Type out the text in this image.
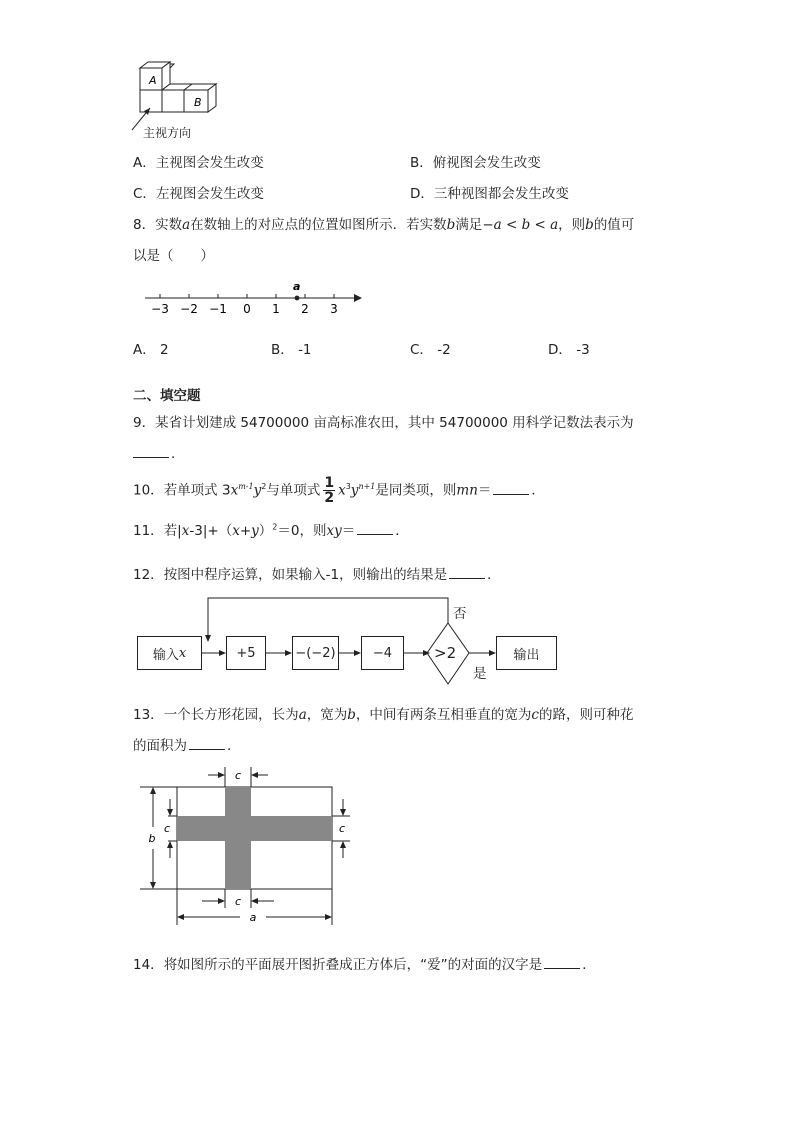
A
B
主视方向
A．主视图会发生改变	B．俯视图会发生改变
C．左视图会发生改变	D．三种视图都会发生改变
8．实数a在数轴上的对应点的位置如图所示．若实数b满足−a < b < a，则b的值可
以是（　　）
a
−3 −2 −1 0 1 2 3
A． 2	B． -1	C． -2	D． -3
二、填空题
9．某省计划建成 54700000 亩高标准农田，其中 54700000 用科学记数法表示为
．
10．若单项式 $3x^{m-1}y^2$与单项式 $\frac{1}{2} x^3y^{n+1}$是同类项，则mn＝	．
11．若$|x-3|+(x+y)^2=0$，则xy＝	．
12．按图中程序运算，如果输入-1，则输出的结果是	．
输入 x	+5	−(−2)	−4	>2	输出
否
是
13．一个长方形花园，长为a，宽为b，中间有两条互相垂直的宽为c的路，则可种花
的面积为	．
c
c
a
b
c	c
14．将如图所示的平面展开图折叠成正方体后，“爱”的对面的汉字是	．
